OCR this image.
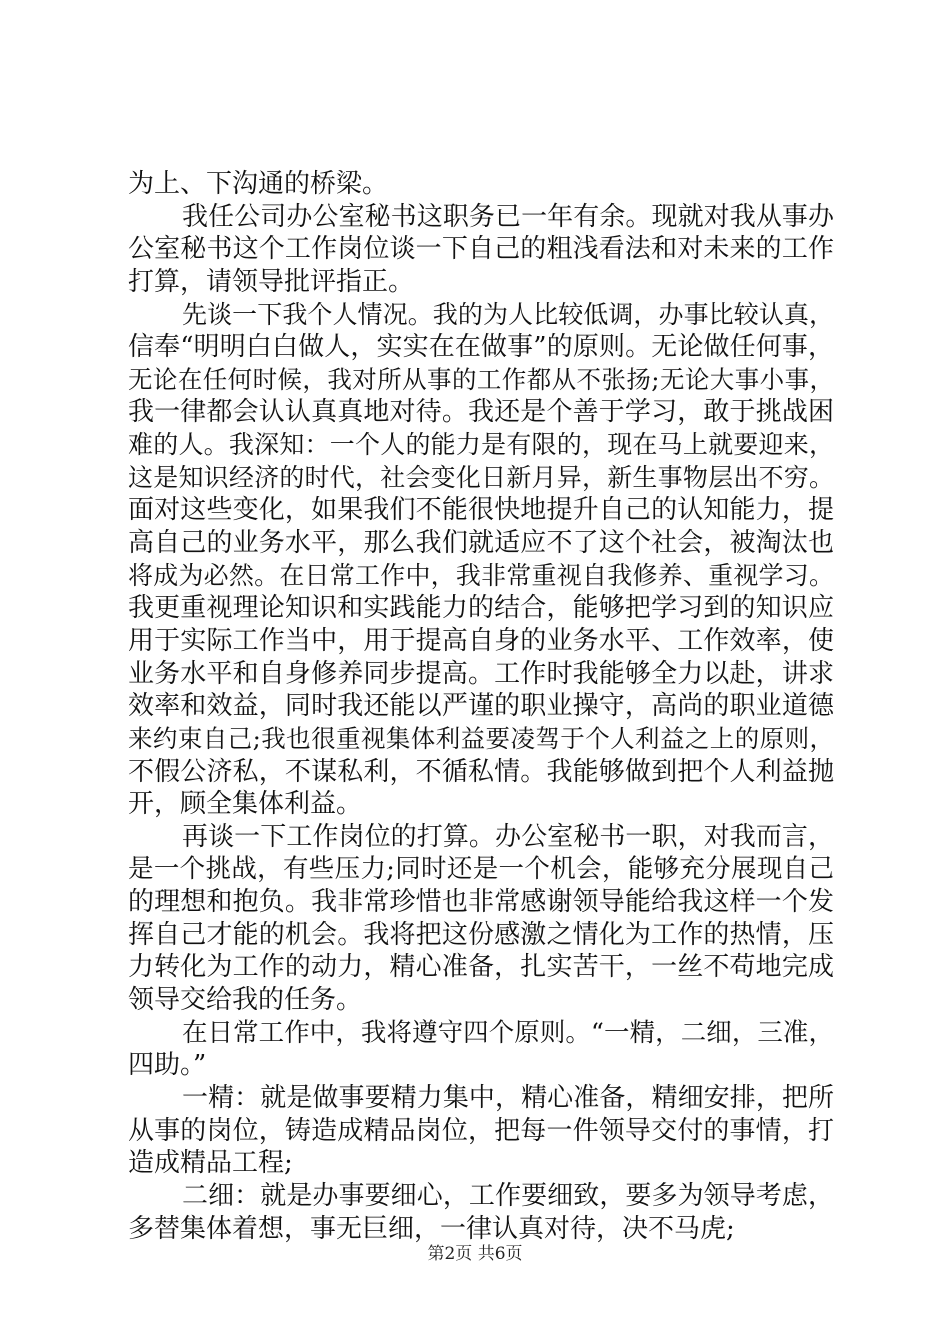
为上、下沟通的桥梁。

我任公司办公室秘书这职务已一年有余。现就对我从事办

公室秘书这个工作岗位谈一下自己的粗浅看法和对未来的工作

打算，请领导批评指正。

先谈一下我个人情况。我的为人比较低调，办事比较认真，

信奉“明明白白做人，实实在在做事”的原则。无论做任何事，

无论在任何时候，我对所从事的工作都从不张扬;无论大事小事，

我一律都会认认真真地对待。我还是个善于学习，敢于挑战困

难的人。我深知：一个人的能力是有限的，现在马上就要迎来，

这是知识经济的时代，社会变化日新月异，新生事物层出不穷。

面对这些变化，如果我们不能很快地提升自己的认知能力，提

高自己的业务水平，那么我们就适应不了这个社会，被淘汰也

将成为必然。在日常工作中，我非常重视自我修养、重视学习。

我更重视理论知识和实践能力的结合，能够把学习到的知识应

用于实际工作当中，用于提高自身的业务水平、工作效率，使

业务水平和自身修养同步提高。工作时我能够全力以赴，讲求

效率和效益，同时我还能以严谨的职业操守，高尚的职业道德

来约束自己;我也很重视集体利益要凌驾于个人利益之上的原则，

不假公济私，不谋私利，不循私情。我能够做到把个人利益抛

开，顾全集体利益。

再谈一下工作岗位的打算。办公室秘书一职，对我而言，

是一个挑战，有些压力;同时还是一个机会，能够充分展现自己

的理想和抱负。我非常珍惜也非常感谢领导能给我这样一个发

挥自己才能的机会。我将把这份感激之情化为工作的热情，压

力转化为工作的动力，精心准备，扎实苦干，一丝不苟地完成

领导交给我的任务。

在日常工作中，我将遵守四个原则。“一精，二细，三准，

四助。”

一精：就是做事要精力集中，精心准备，精细安排，把所

从事的岗位，铸造成精品岗位，把每一件领导交付的事情，打

造成精品工程;

二细：就是办事要细心，工作要细致，要多为领导考虑，

多替集体着想，事无巨细，一律认真对待，决不马虎;

第2页 共6页
